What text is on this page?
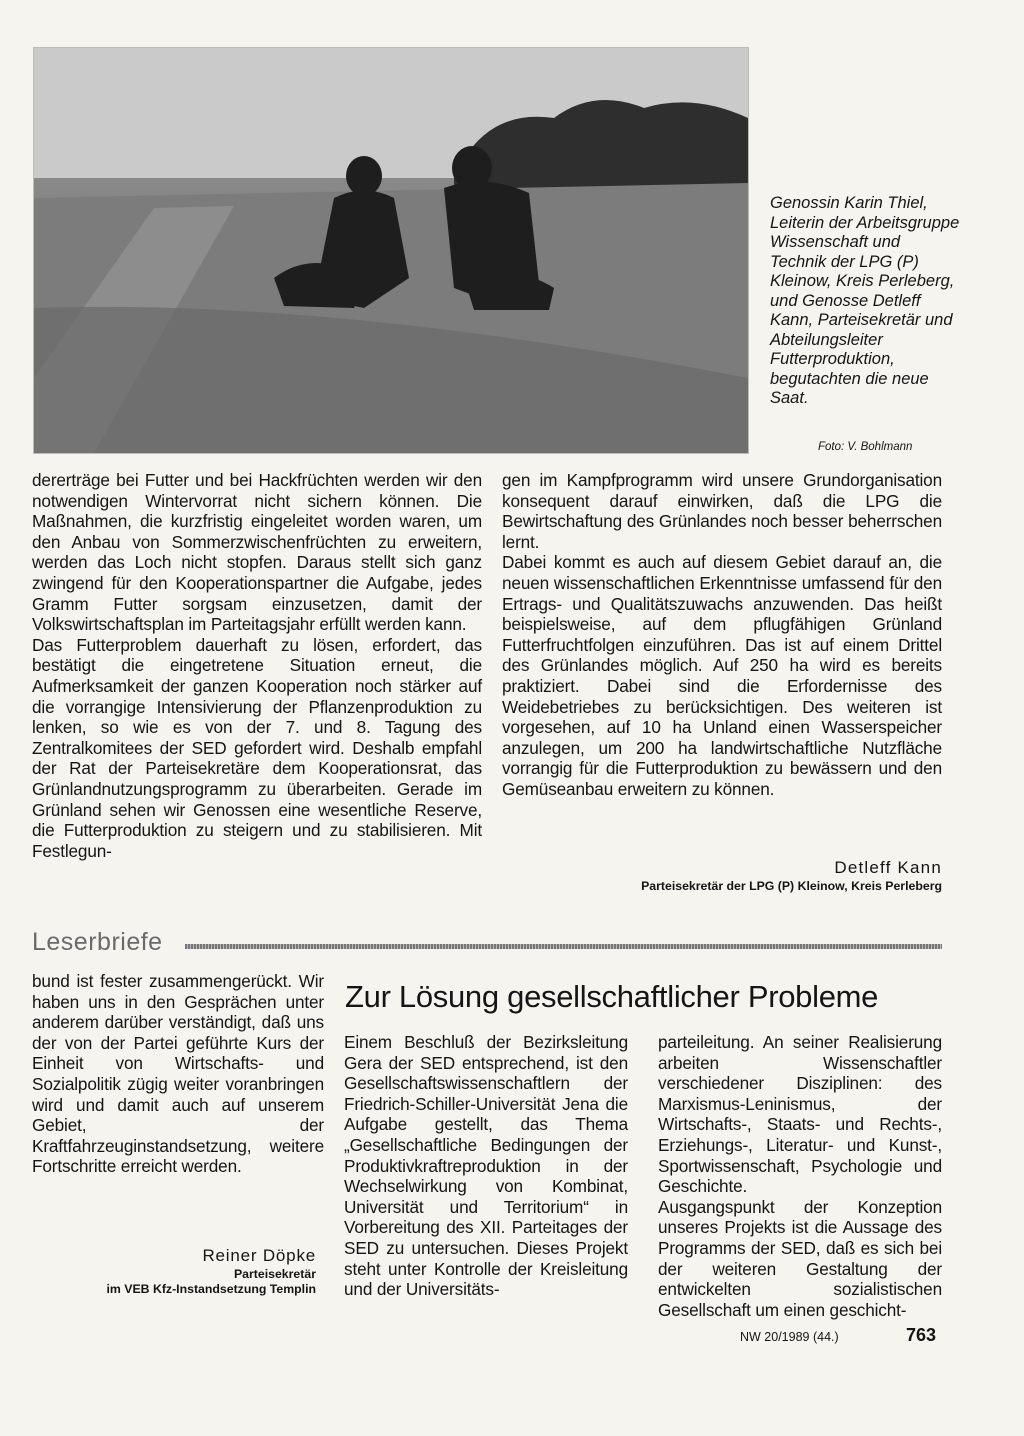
Genossin Karin Thiel, Leiterin der Arbeitsgruppe Wissenschaft und Technik der LPG (P) Kleinow, Kreis Perleberg, und Genosse Detleff Kann, Parteisekretär und Abteilungsleiter Futterproduktion, begutachten die neue Saat.
Foto: V. Bohlmann
dererträge bei Futter und bei Hackfrüchten werden wir den notwendigen Wintervorrat nicht sichern können. Die Maßnahmen, die kurzfristig eingeleitet worden waren, um den Anbau von Sommerzwischenfrüchten zu erweitern, werden das Loch nicht stopfen. Daraus stellt sich ganz zwingend für den Kooperationspartner die Aufgabe, jedes Gramm Futter sorgsam einzusetzen, damit der Volkswirtschaftsplan im Parteitagsjahr erfüllt werden kann.
Das Futterproblem dauerhaft zu lösen, erfordert, das bestätigt die eingetretene Situation erneut, die Aufmerksamkeit der ganzen Kooperation noch stärker auf die vorrangige Intensivierung der Pflanzenproduktion zu lenken, so wie es von der 7. und 8. Tagung des Zentralkomitees der SED gefordert wird. Deshalb empfahl der Rat der Parteisekretäre dem Kooperationsrat, das Grünlandnutzungsprogramm zu überarbeiten. Gerade im Grünland sehen wir Genossen eine wesentliche Reserve, die Futterproduktion zu steigern und zu stabilisieren. Mit Festlegun-
gen im Kampfprogramm wird unsere Grundorganisation konsequent darauf einwirken, daß die LPG die Bewirtschaftung des Grünlandes noch besser beherrschen lernt.
Dabei kommt es auch auf diesem Gebiet darauf an, die neuen wissenschaftlichen Erkenntnisse umfassend für den Ertrags- und Qualitätszuwachs anzuwenden. Das heißt beispielsweise, auf dem pflugfähigen Grünland Futterfruchtfolgen einzuführen. Das ist auf einem Drittel des Grünlandes möglich. Auf 250 ha wird es bereits praktiziert. Dabei sind die Erfordernisse des Weidebetriebes zu berücksichtigen. Des weiteren ist vorgesehen, auf 10 ha Unland einen Wasserspeicher anzulegen, um 200 ha landwirtschaftliche Nutzfläche vorrangig für die Futterproduktion zu bewässern und den Gemüseanbau erweitern zu können.
Detleff Kann
Parteisekretär der LPG (P) Kleinow, Kreis Perleberg
Leserbriefe
bund ist fester zusammengerückt. Wir haben uns in den Gesprächen unter anderem darüber verständigt, daß uns der von der Partei geführte Kurs der Einheit von Wirtschafts- und Sozialpolitik zügig weiter voranbringen wird und damit auch auf unserem Gebiet, der Kraftfahrzeuginstandsetzung, weitere Fortschritte erreicht werden.
Reiner Döpke
Parteisekretär
im VEB Kfz-Instandsetzung Templin
Zur Lösung gesellschaftlicher Probleme
Einem Beschluß der Bezirksleitung Gera der SED entsprechend, ist den Gesellschaftswissenschaftlern der Friedrich-Schiller-Universität Jena die Aufgabe gestellt, das Thema „Gesellschaftliche Bedingungen der Produktivkraftreproduktion in der Wechselwirkung von Kombinat, Universität und Territorium“ in Vorbereitung des XII. Parteitages der SED zu untersuchen. Dieses Projekt steht unter Kontrolle der Kreisleitung und der Universitäts-
parteileitung. An seiner Realisierung arbeiten Wissenschaftler verschiedener Disziplinen: des Marxismus-Leninismus, der Wirtschafts-, Staats- und Rechts-, Erziehungs-, Literatur- und Kunst-, Sportwissenschaft, Psychologie und Geschichte.
Ausgangspunkt der Konzeption unseres Projekts ist die Aussage des Programms der SED, daß es sich bei der weiteren Gestaltung der entwickelten sozialistischen Gesellschaft um einen geschicht-
NW 20/1989 (44.)	763
